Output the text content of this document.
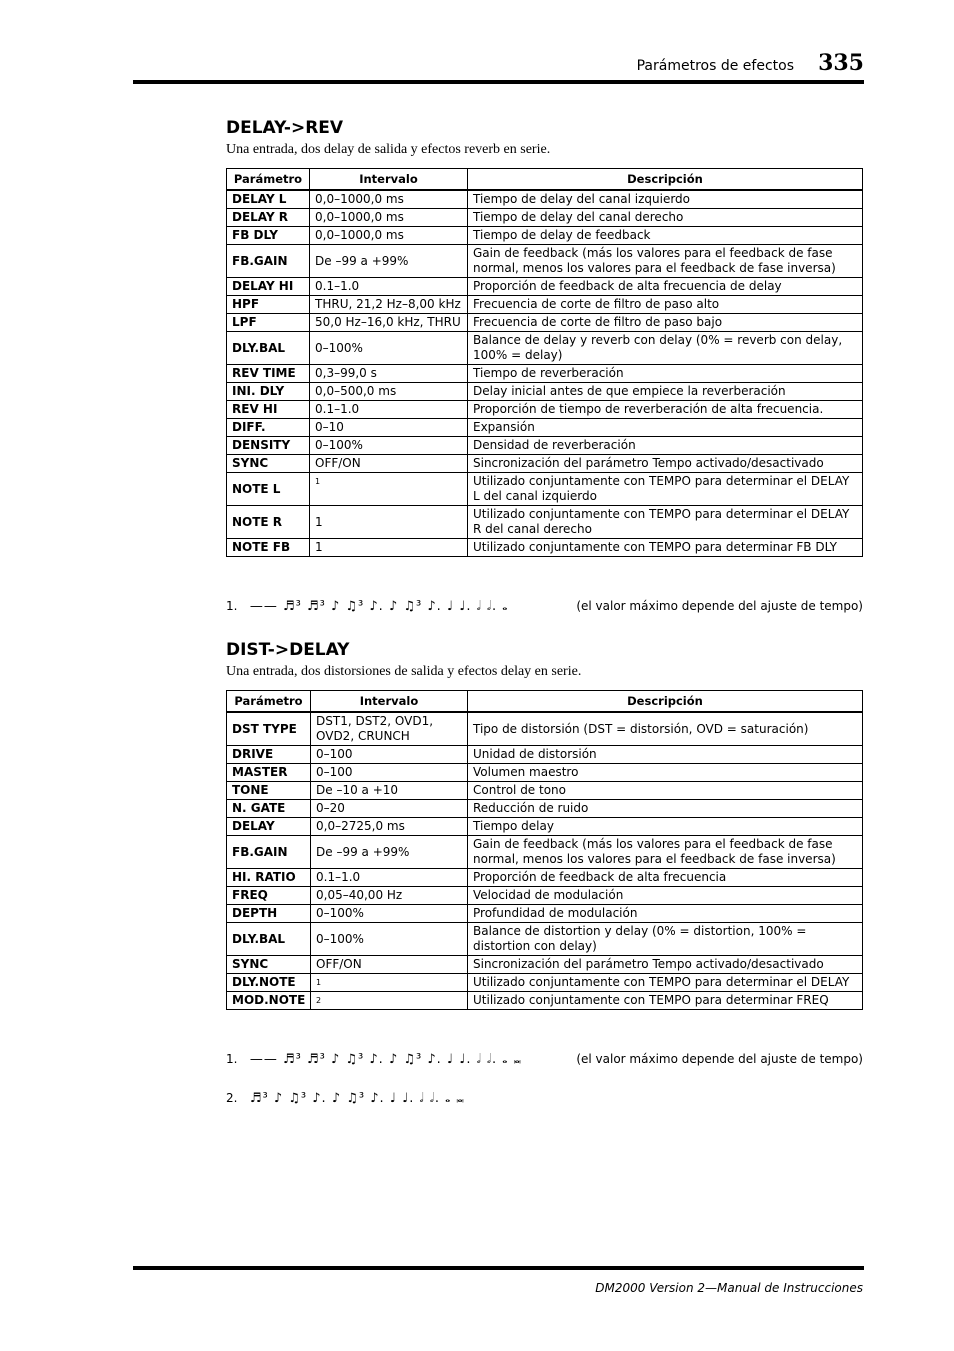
Parámetros de efectos 335
DELAY->REV
Una entrada, dos delay de salida y efectos reverb en serie.
Parámetro	Intervalo	Descripción
DELAY L	0,0–1000,0 ms	Tiempo de delay del canal izquierdo
DELAY R	0,0–1000,0 ms	Tiempo de delay del canal derecho
FB DLY	0,0–1000,0 ms	Tiempo de delay de feedback
FB.GAIN	De –99 a +99%	Gain de feedback (más los valores para el feedback de fase normal, menos los valores para el feedback de fase inversa)
DELAY HI	0.1–1.0	Proporción de feedback de alta frecuencia de delay
HPF	THRU, 21,2 Hz–8,00 kHz	Frecuencia de corte de filtro de paso alto
LPF	50,0 Hz–16,0 kHz, THRU	Frecuencia de corte de filtro de paso bajo
DLY.BAL	0–100%	Balance de delay y reverb con delay (0% = reverb con delay, 100% = delay)
REV TIME	0,3–99,0 s	Tiempo de reverberación
INI. DLY	0,0–500,0 ms	Delay inicial antes de que empiece la reverberación
REV HI	0.1–1.0	Proporción de tiempo de reverberación de alta frecuencia.
DIFF.	0–10	Expansión
DENSITY	0–100%	Densidad de reverberación
SYNC	OFF/ON	Sincronización del parámetro Tempo activado/desactivado
NOTE L	$^1$	Utilizado conjuntamente con TEMPO para determinar el DELAY L del canal izquierdo
NOTE R	1	Utilizado conjuntamente con TEMPO para determinar el DELAY R del canal derecho
NOTE FB	1	Utilizado conjuntamente con TEMPO para determinar FB DLY
1. —— ♬³ ♬³ ♪ ♫³ ♪. ♪ ♫³ ♪. ♩ ♩. 𝅗𝅥 𝅗𝅥. 𝅝	(el valor máximo depende del ajuste de tempo)
DIST->DELAY
Una entrada, dos distorsiones de salida y efectos delay en serie.
Parámetro	Intervalo	Descripción
DST TYPE	DST1, DST2, OVD1, OVD2, CRUNCH	Tipo de distorsión (DST = distorsión, OVD = saturación)
DRIVE	0–100	Unidad de distorsión
MASTER	0–100	Volumen maestro
TONE	De –10 a +10	Control de tono
N. GATE	0–20	Reducción de ruido
DELAY	0,0–2725,0 ms	Tiempo delay
FB.GAIN	De –99 a +99%	Gain de feedback (más los valores para el feedback de fase normal, menos los valores para el feedback de fase inversa)
HI. RATIO	0.1–1.0	Proporción de feedback de alta frecuencia
FREQ	0,05–40,00 Hz	Velocidad de modulación
DEPTH	0–100%	Profundidad de modulación
DLY.BAL	0–100%	Balance de distortion y delay (0% = distortion, 100% = distortion con delay)
SYNC	OFF/ON	Sincronización del parámetro Tempo activado/desactivado
DLY.NOTE	$^1$	Utilizado conjuntamente con TEMPO para determinar el DELAY
MOD.NOTE	$^2$	Utilizado conjuntamente con TEMPO para determinar FREQ
1. —— ♬³ ♬³ ♪ ♫³ ♪. ♪ ♫³ ♪. ♩ ♩. 𝅗𝅥 𝅗𝅥. 𝅝 𝅜	(el valor máximo depende del ajuste de tempo)
2. ♬³ ♪ ♫³ ♪. ♪ ♫³ ♪. ♩ ♩. 𝅗𝅥 𝅗𝅥. 𝅝 𝅜
DM2000 Version 2—Manual de Instrucciones
